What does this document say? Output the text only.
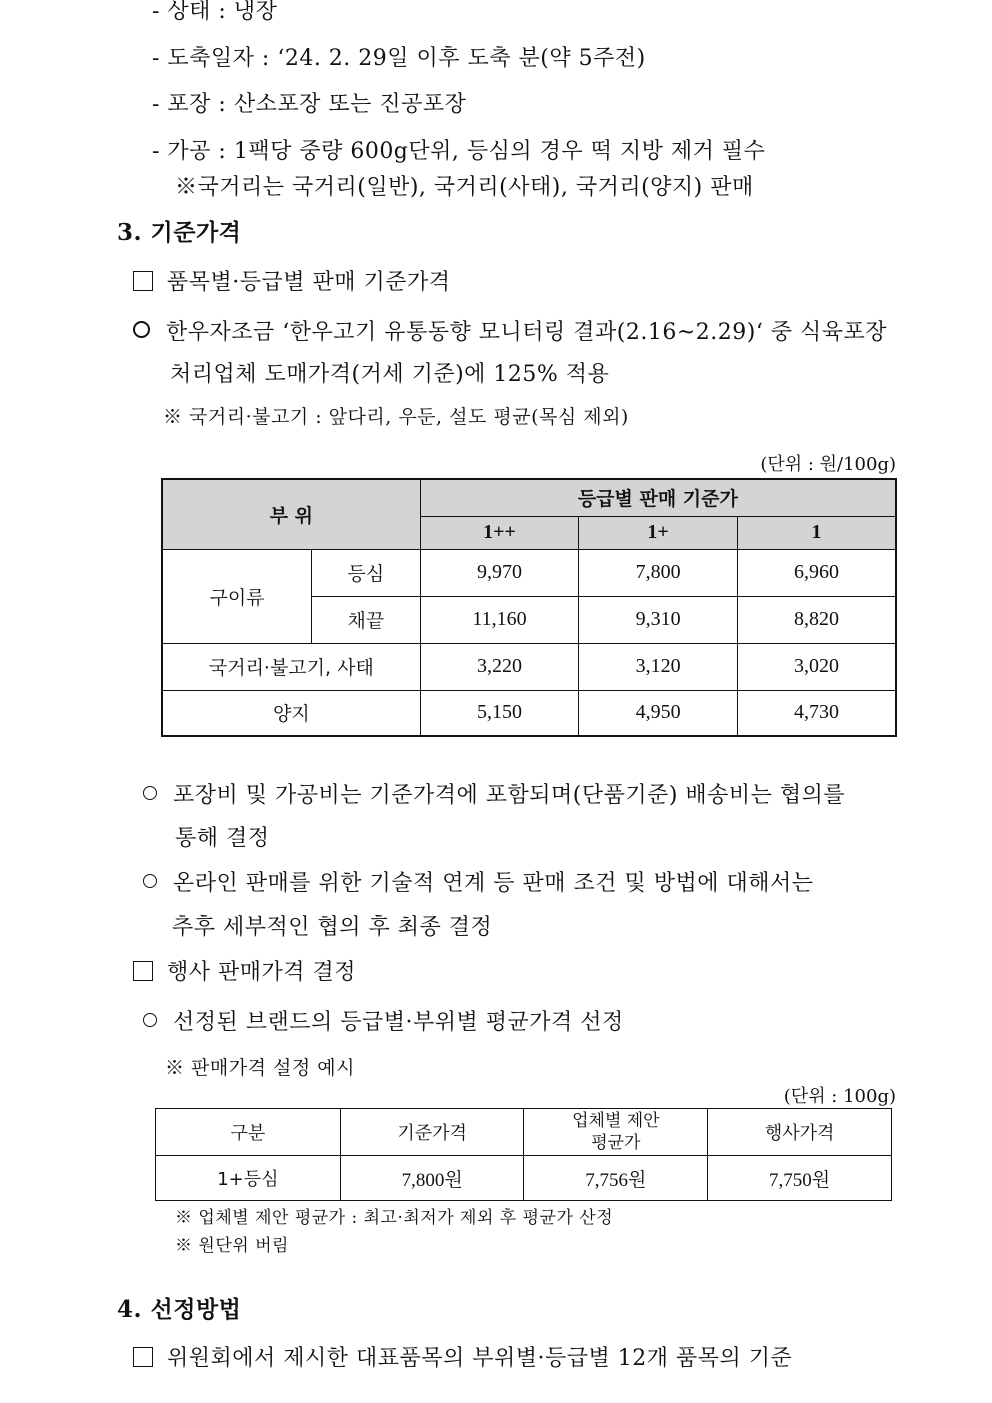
- 상태 : 냉장
- 도축일자 : ‘24. 2. 29일 이후 도축 분(약 5주전)
- 포장 : 산소포장 또는 진공포장
- 가공 : 1팩당 중량 600g단위, 등심의 경우 떡 지방 제거 필수
※국거리는 국거리(일반), 국거리(사태), 국거리(양지) 판매
3. 기준가격
품목별·등급별 판매 기준가격
한우자조금 ‘한우고기 유통동향 모니터링 결과(2.16~2.29)‘ 중 식육포장
처리업체 도매가격(거세 기준)에 125% 적용
※ 국거리·불고기 : 앞다리, 우둔, 설도 평균(목심 제외)
(단위 : 원/100g)
부 위		등급별 판매 기준가		
		1++	1+	1
구이류	등심	9,970	7,800	6,960
	채끝	11,160	9,310	8,820
국거리·불고기, 사태		3,220	3,120	3,020
양지		5,150	4,950	4,730
포장비 및 가공비는 기준가격에 포함되며(단품기준) 배송비는 협의를
통해 결정
온라인 판매를 위한 기술적 연계 등 판매 조건 및 방법에 대해서는
추후 세부적인 협의 후 최종 결정
행사 판매가격 결정
선정된 브랜드의 등급별·부위별 평균가격 선정
※ 판매가격 설정 예시
(단위 : 100g)
구분	기준가격	업체별 제안
평균가	행사가격
1+등심	7,800원	7,756원	7,750원
※ 업체별 제안 평균가 : 최고·최저가 제외 후 평균가 산정
※ 원단위 버림
4. 선정방법
위원회에서 제시한 대표품목의 부위별·등급별 12개 품목의 기준
